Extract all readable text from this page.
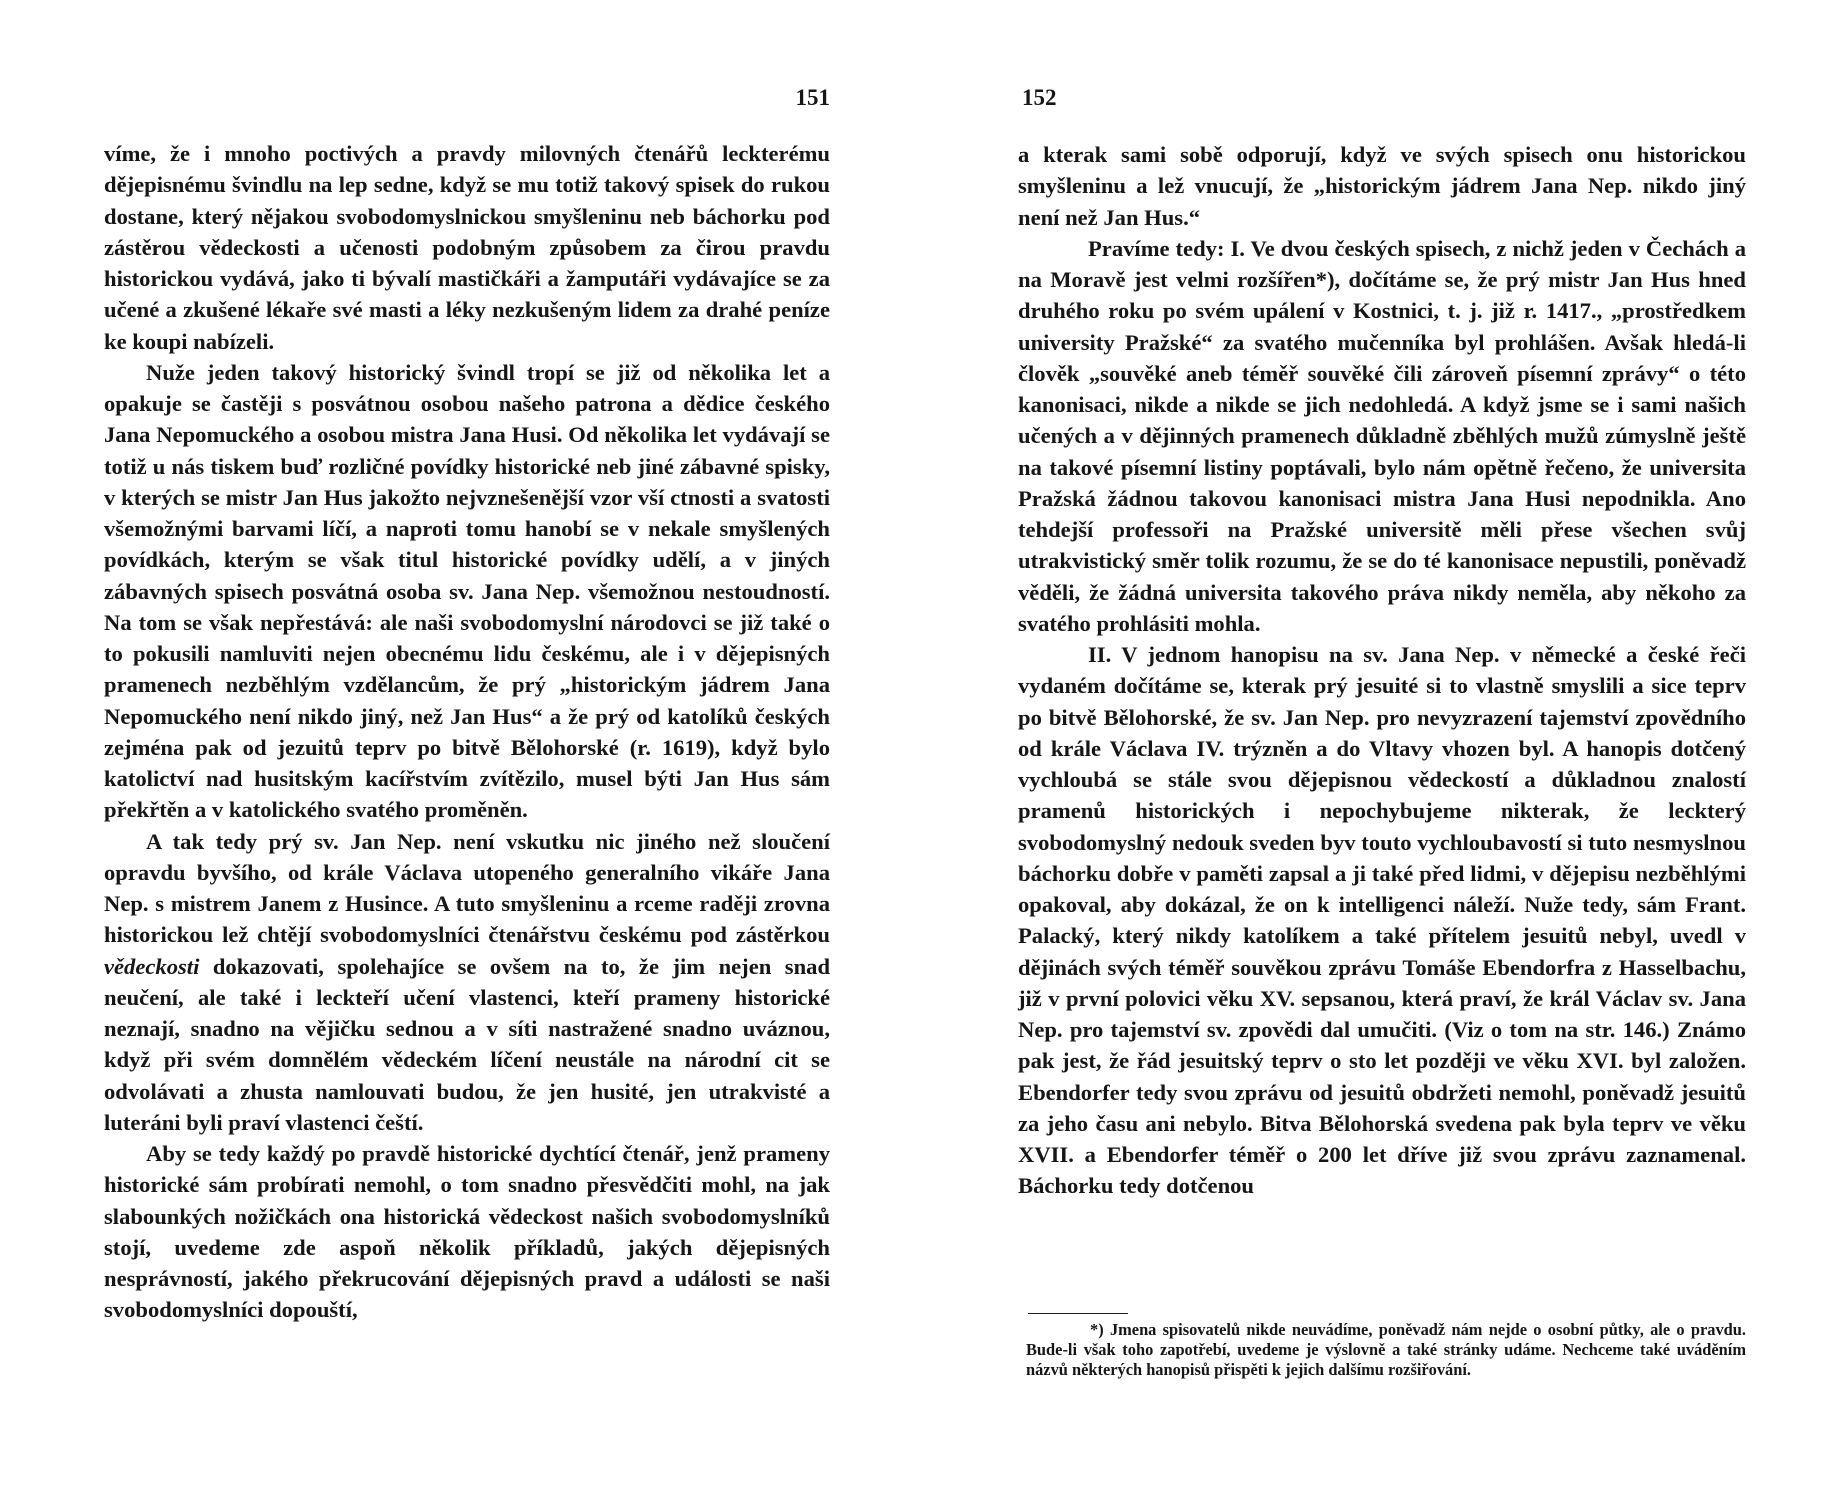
151

víme, že i mnoho poctivých a pravdy milovných čtenářů leckterému dějepisnému švindlu na lep sedne, když se mu totiž takový spisek do rukou dostane, který nějakou svobodomyslnickou smyšleninu neb báchorku pod zástěrou vědeckosti a učenosti podobným způsobem za čirou pravdu historickou vydává, jako ti bývalí mastičkáři a žamputáři vydávajíce se za učené a zkušené lékaře své masti a léky nezkušeným lidem za drahé peníze ke koupi nabízeli.

Nuže jeden takový historický švindl tropí se již od několika let a opakuje se častěji s posvátnou osobou našeho patrona a dědice českého Jana Nepomuckého a osobou mistra Jana Husi. Od několika let vydávají se totiž u nás tiskem buď rozličné povídky historické neb jiné zábavné spisky, v kterých se mistr Jan Hus jakožto nejvznešenější vzor vší ctnosti a svatosti všemožnými barvami líčí, a naproti tomu hanobí se v nekale smyšlených povídkách, kterým se však titul historické povídky udělí, a v jiných zábavných spisech posvátná osoba sv. Jana Nep. všemožnou nestoudností. Na tom se však nepřestává: ale naši svobodomyslní národovci se již také o to pokusili namluviti nejen obecnému lidu českému, ale i v dějepisných pramenech nezběhlým vzdělancům, že prý „historickým jádrem Jana Nepomuckého není nikdo jiný, než Jan Hus“ a že prý od katolíků českých zejména pak od jezuitů teprv po bitvě Bělohorské (r. 1619), když bylo katolictví nad husitským kacířstvím zvítězilo, musel býti Jan Hus sám překřtěn a v katolického svatého proměněn.

A tak tedy prý sv. Jan Nep. není vskutku nic jiného než sloučení opravdu byvšího, od krále Václava utopeného generalního vikáře Jana Nep. s mistrem Janem z Husince. A tuto smyšleninu a rceme raději zrovna historickou lež chtějí svobodomyslníci čtenářstvu českému pod zástěrkou vědeckosti dokazovati, spolehajíce se ovšem na to, že jim nejen snad neučení, ale také i leckteří učení vlastenci, kteří prameny historické neznají, snadno na vějičku sednou a v síti nastražené snadno uváznou, když při svém domnělém vědeckém líčení neustále na národní cit se odvolávati a zhusta namlouvati budou, že jen husité, jen utrakvisté a luteráni byli praví vlastenci čeští.

Aby se tedy každý po pravdě historické dychtící čtenář, jenž prameny historické sám probírati nemohl, o tom snadno přesvědčiti mohl, na jak slabounkých nožičkách ona historická vědeckost našich svobodomyslníků stojí, uvedeme zde aspoň několik příkladů, jakých dějepisných nesprávností, jakého překrucování dějepisných pravd a události se naši svobodomyslníci dopouští,

152

a kterak sami sobě odporují, když ve svých spisech onu historickou smyšleninu a lež vnucují, že „historickým jádrem Jana Nep. nikdo jiný není než Jan Hus.“

Pravíme tedy: I. Ve dvou českých spisech, z nichž jeden v Čechách a na Moravě jest velmi rozšířen*), dočítáme se, že prý mistr Jan Hus hned druhého roku po svém upálení v Kostnici, t. j. již r. 1417., „prostředkem university Pražské“ za svatého mučenníka byl prohlášen. Avšak hledá-li člověk „souvěké aneb téměř souvěké čili zároveň písemní zprávy“ o této kanonisaci, nikde a nikde se jich nedohledá. A když jsme se i sami našich učených a v dějinných pramenech důkladně zběhlých mužů zúmyslně ještě na takové písemní listiny poptávali, bylo nám opětně řečeno, že universita Pražská žádnou takovou kanonisaci mistra Jana Husi nepodnikla. Ano tehdejší professoři na Pražské universitě měli přese všechen svůj utrakvistický směr tolik rozumu, že se do té kanonisace nepustili, poněvadž věděli, že žádná universita takového práva nikdy neměla, aby někoho za svatého prohlásiti mohla.

II. V jednom hanopisu na sv. Jana Nep. v německé a české řeči vydaném dočítáme se, kterak prý jesuité si to vlastně smyslili a sice teprv po bitvě Bělohorské, že sv. Jan Nep. pro nevyzrazení tajemství zpovědního od krále Václava IV. trýzněn a do Vltavy vhozen byl. A hanopis dotčený vychloubá se stále svou dějepisnou vědeckostí a důkladnou znalostí pramenů historických i nepochybujeme nikterak, že leckterý svobodomyslný nedouk sveden byv touto vychloubavostí si tuto nesmyslnou báchorku dobře v paměti zapsal a ji také před lidmi, v dějepisu nezběhlými opakoval, aby dokázal, že on k intelligenci náleží. Nuže tedy, sám Frant. Palacký, který nikdy katolíkem a také přítelem jesuitů nebyl, uvedl v dějinách svých téměř souvěkou zprávu Tomáše Ebendorfra z Hasselbachu, již v první polovici věku XV. sepsanou, která praví, že král Václav sv. Jana Nep. pro tajemství sv. zpovědi dal umučiti. (Viz o tom na str. 146.) Známo pak jest, že řád jesuitský teprv o sto let později ve věku XVI. byl založen. Ebendorfer tedy svou zprávu od jesuitů obdržeti nemohl, poněvadž jesuitů za jeho času ani nebylo. Bitva Bělohorská svedena pak byla teprv ve věku XVII. a Ebendorfer téměř o 200 let dříve již svou zprávu zaznamenal. Báchorku tedy dotčenou

*) Jmena spisovatelů nikde neuvádíme, poněvadž nám nejde o osobní půtky, ale o pravdu. Bude-li však toho zapotřebí, uvedeme je výslovně a také stránky udáme. Nechceme také uváděním názvů některých hanopisů přispěti k jejich dalšímu rozšiřování.
